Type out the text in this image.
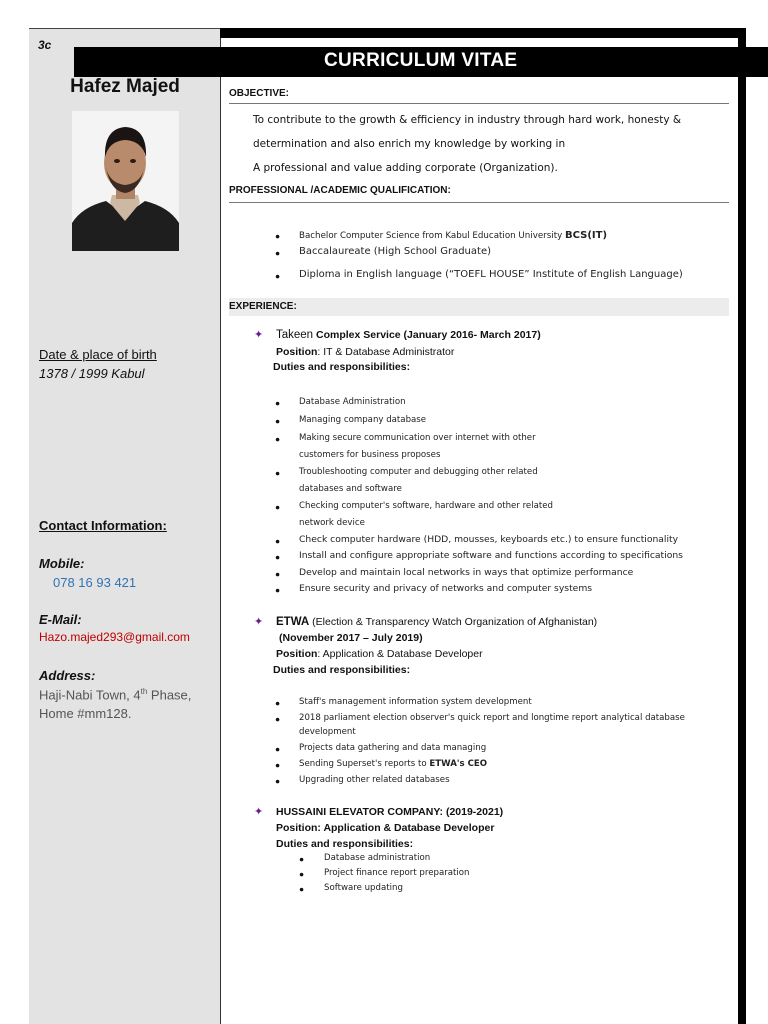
3c
CURRICULUM VITAE
Hafez Majed
Date & place of birth
1378 / 1999 Kabul
Contact Information:
Mobile:
078 16 93 421
E-Mail:
Hazo.majed293@gmail.com
Address:
Haji-Nabi Town, 4th Phase,
Home #mm128.
OBJECTIVE:
To contribute to the growth & efficiency in industry through hard work, honesty &
determination and also enrich my knowledge by working in
A professional and value adding corporate (Organization).
PROFESSIONAL /ACADEMIC QUALIFICATION:
● Bachelor Computer Science from Kabul Education University BCS(IT)
● Baccalaureate (High School Graduate)
● Diploma in English language (“TOEFL HOUSE” Institute of English Language)
EXPERIENCE:
✦ Takeen Complex Service (January 2016- March 2017)
Position: IT & Database Administrator
Duties and responsibilities:
● Database Administration
● Managing company database
● Making secure communication over internet with other
customers for business proposes
● Troubleshooting computer and debugging other related
databases and software
● Checking computer's software, hardware and other related
network device
● Check computer hardware (HDD, mousses, keyboards etc.) to ensure functionality
● Install and configure appropriate software and functions according to specifications
● Develop and maintain local networks in ways that optimize performance
● Ensure security and privacy of networks and computer systems
✦ ETWA (Election & Transparency Watch Organization of Afghanistan)
(November 2017 – July 2019)
Position: Application & Database Developer
Duties and responsibilities:
● Staff's management information system development
● 2018 parliament election observer's quick report and longtime report analytical database
development
● Projects data gathering and data managing
● Sending Superset's reports to ETWA's CEO
● Upgrading other related databases
✦ HUSSAINI ELEVATOR COMPANY: (2019-2021)
Position: Application & Database Developer
Duties and responsibilities:
● Database administration
● Project finance report preparation
● Software updating
